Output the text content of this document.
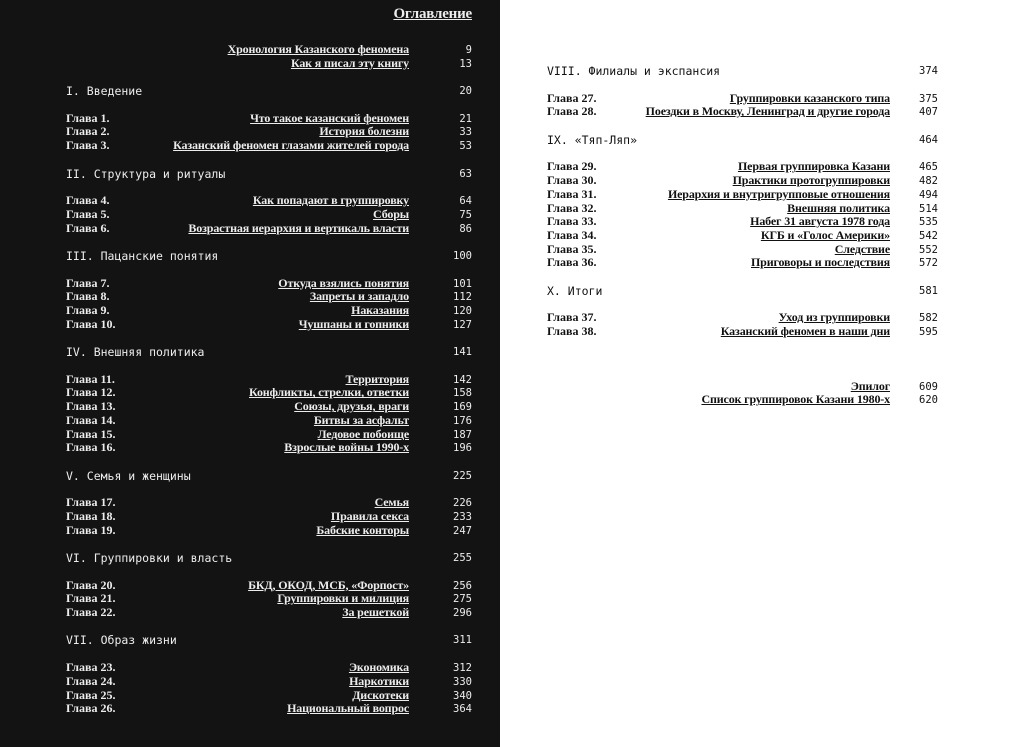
Оглавление
Хронология Казанского феномена	9
Как я писал эту книгу	13
I. Введение	20
Глава 1.	Что такое казанский феномен	21
Глава 2.	История болезни	33
Глава 3.	Казанский феномен глазами жителей города	53
II. Структура и ритуалы	63
Глава 4.	Как попадают в группировку	64
Глава 5.	Сборы	75
Глава 6.	Возрастная иерархия и вертикаль власти	86
III. Пацанские понятия	100
Глава 7.	Откуда взялись понятия	101
Глава 8.	Запреты и западло	112
Глава 9.	Наказания	120
Глава 10.	Чушпаны и гопники	127
IV. Внешняя политика	141
Глава 11.	Территория	142
Глава 12.	Конфликты, стрелки, ответки	158
Глава 13.	Союзы, друзья, враги	169
Глава 14.	Битвы за асфальт	176
Глава 15.	Ледовое побоище	187
Глава 16.	Взрослые войны 1990-х	196
V. Семья и женщины	225
Глава 17.	Семья	226
Глава 18.	Правила секса	233
Глава 19.	Бабские конторы	247
VI. Группировки и власть	255
Глава 20.	БКД, ОКОД, МСБ, «Форпост»	256
Глава 21.	Группировки и милиция	275
Глава 22.	За решеткой	296
VII. Образ жизни	311
Глава 23.	Экономика	312
Глава 24.	Наркотики	330
Глава 25.	Дискотеки	340
Глава 26.	Национальный вопрос	364
VIII. Филиалы и экспансия	374
Глава 27.	Группировки казанского типа	375
Глава 28.	Поездки в Москву, Ленинград и другие города	407
IX. «Тяп-Ляп»	464
Глава 29.	Первая группировка Казани	465
Глава 30.	Практики протогруппировки	482
Глава 31.	Иерархия и внутригрупповые отношения	494
Глава 32.	Внешняя политика	514
Глава 33.	Набег 31 августа 1978 года	535
Глава 34.	КГБ и «Голос Америки»	542
Глава 35.	Следствие	552
Глава 36.	Приговоры и последствия	572
X. Итоги	581
Глава 37.	Уход из группировки	582
Глава 38.	Казанский феномен в наши дни	595
Эпилог	609
Список группировок Казани 1980-х	620
